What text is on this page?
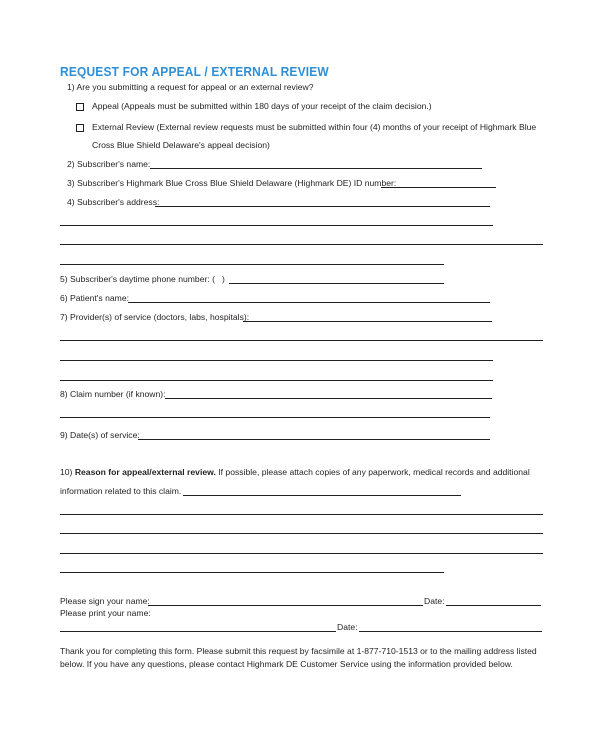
REQUEST FOR APPEAL / EXTERNAL REVIEW
1) Are you submitting a request for appeal or an external review?
Appeal (Appeals must be submitted within 180 days of your receipt of the claim decision.)
External Review (External review requests must be submitted within four (4) months of your receipt of Highmark Blue
Cross Blue Shield Delaware's appeal decision)
2) Subscriber's name:
3) Subscriber's Highmark Blue Cross Blue Shield Delaware (Highmark DE) ID number:
4) Subscriber's address:
5) Subscriber's daytime phone number: ( )
6) Patient's name:
7) Provider(s) of service (doctors, labs, hospitals):
8) Claim number (if known):
9) Date(s) of service:
10) Reason for appeal/external review. If possible, please attach copies of any paperwork, medical records and additional
information related to this claim.
Please sign your name:	Date:
Please print your name:
Date:
Thank you for completing this form. Please submit this request by facsimile at 1-877-710-1513 or to the mailing address listed
below. If you have any questions, please contact Highmark DE Customer Service using the information provided below.
